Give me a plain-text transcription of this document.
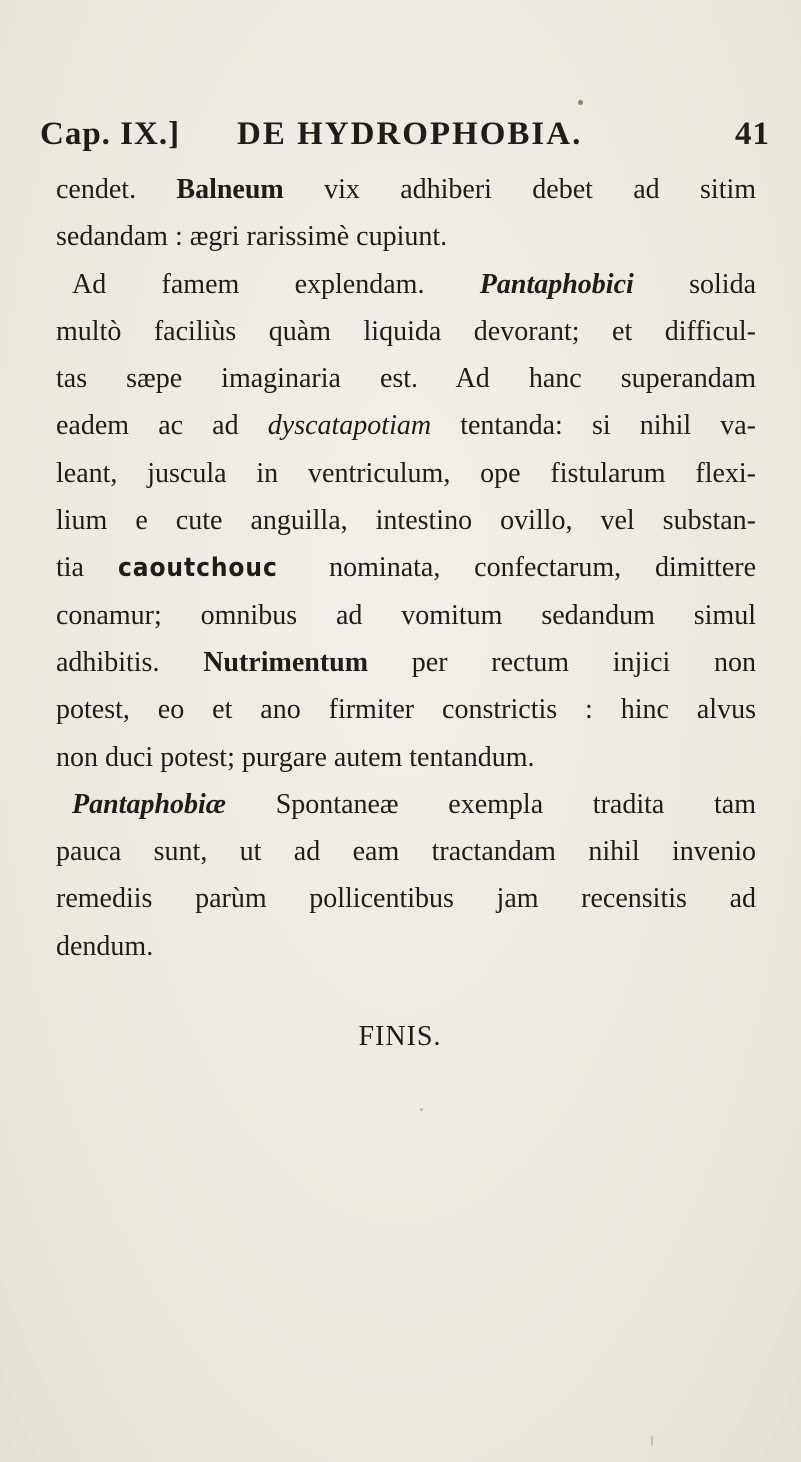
Cap. IX.] DE HYDROPHOBIA.	41
cendet. Balneum vix adhiberi debet ad sitim
sedandam : ægri rarissimè cupiunt.
Ad famem explendam. Pantaphobici solida
multò faciliùs quàm liquida devorant; et difficul-
tas sæpe imaginaria est. Ad hanc superandam
eadem ac ad dyscatapotiam tentanda: si nihil va-
leant, juscula in ventriculum, ope fistularum flexi-
lium e cute anguilla, intestino ovillo, vel substan-
tia caoutchouc nominata, confectarum, dimittere
conamur; omnibus ad vomitum sedandum simul
adhibitis. Nutrimentum per rectum injici non
potest, eo et ano firmiter constrictis : hinc alvus
non duci potest; purgare autem tentandum.
Pantaphobiæ Spontaneæ exempla tradita tam
pauca sunt, ut ad eam tractandam nihil invenio
remediis parùm pollicentibus jam recensitis ad
dendum.
FINIS.
